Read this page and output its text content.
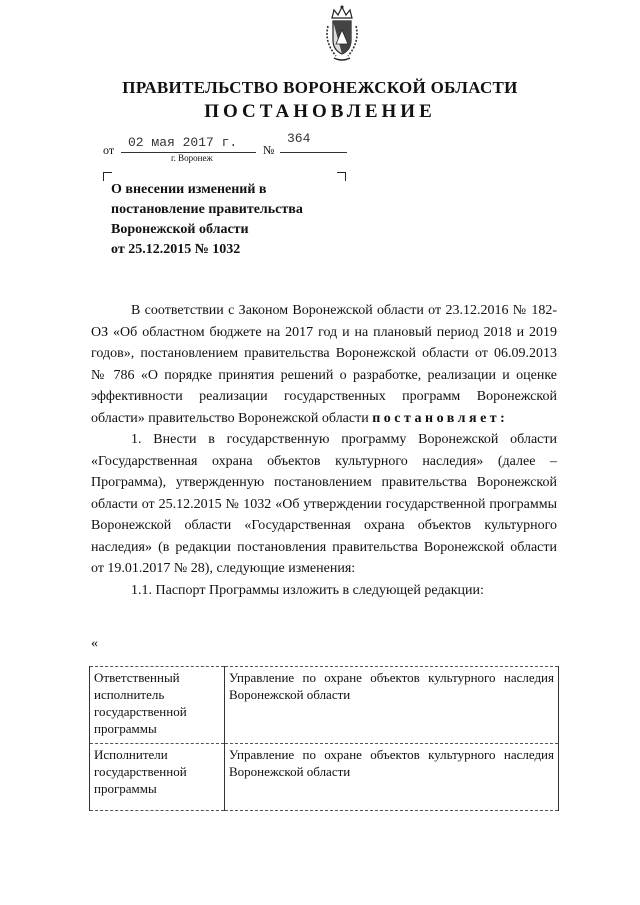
ПРАВИТЕЛЬСТВО ВОРОНЕЖСКОЙ ОБЛАСТИ
ПОСТАНОВЛЕНИЕ
от 02 мая 2017 г. №
364
г. Воронеж
О внесении изменений в
постановление правительства
Воронежской области
от 25.12.2015 № 1032

В соответствии с Законом Воронежской области от 23.12.2016 № 182-ОЗ «Об областном бюджете на 2017 год и на плановый период 2018 и 2019 годов», постановлением правительства Воронежской области от 06.09.2013 № 786 «О порядке принятия решений о разработке, реализации и оценке эффективности реализации государственных программ Воронежской области» правительство Воронежской области постановляет:

1. Внести в государственную программу Воронежской области «Государственная охрана объектов культурного наследия» (далее – Программа), утвержденную постановлением правительства Воронежской области от 25.12.2015 № 1032 «Об утверждении государственной программы Воронежской области «Государственная охрана объектов культурного наследия» (в редакции постановления правительства Воронежской области от 19.01.2017 № 28), следующие изменения:

1.1. Паспорт Программы изложить в следующей редакции:

«
Ответственный исполнитель государственной программы	Управление по охране объектов культурного наследия Воронежской области
Исполнители государственной программы	Управление по охране объектов культурного наследия Воронежской области
